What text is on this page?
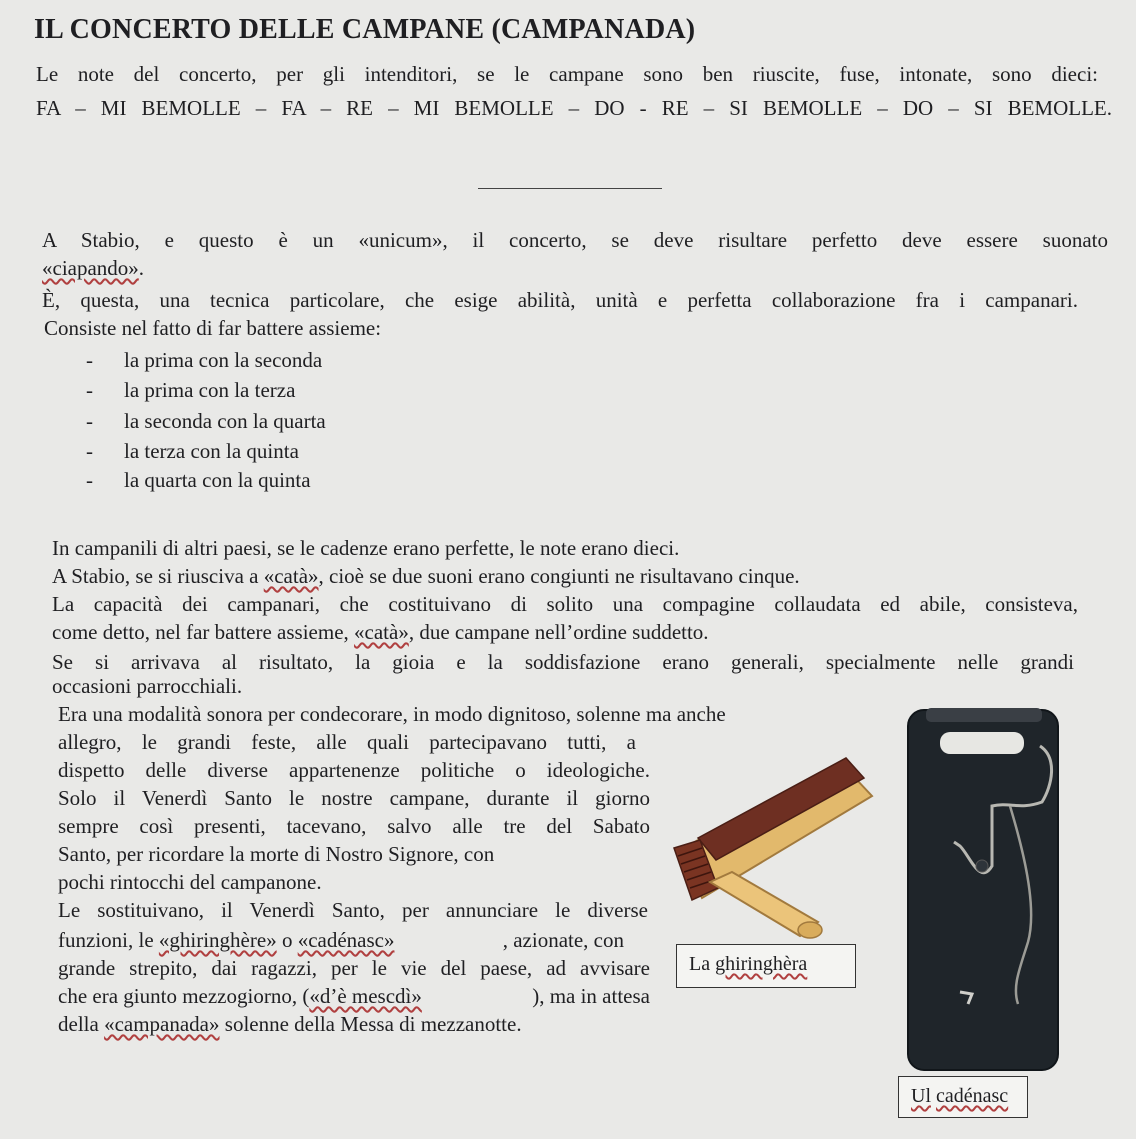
IL CONCERTO DELLE CAMPANE (CAMPANADA)
Le note del concerto, per gli intenditori, se le campane sono ben riuscite, fuse, intonate, sono dieci:
FA – MI BEMOLLE – FA – RE – MI BEMOLLE – DO - RE – SI BEMOLLE – DO – SI BEMOLLE.
A Stabio, e questo è un «unicum», il concerto, se deve risultare perfetto deve essere suonato
«ciapando».
È, questa, una tecnica particolare, che esige abilità, unità e perfetta collaborazione fra i campanari.
Consiste nel fatto di far battere assieme:
- la prima con la seconda
- la prima con la terza
- la seconda con la quarta
- la terza con la quinta
- la quarta con la quinta
In campanili di altri paesi, se le cadenze erano perfette, le note erano dieci.
A Stabio, se si riusciva a «catà», cioè se due suoni erano congiunti ne risultavano cinque.
La capacità dei campanari, che costituivano di solito una compagine collaudata ed abile, consisteva,
come detto, nel far battere assieme, «catà», due campane nell’ordine suddetto.
Se si arrivava al risultato, la gioia e la soddisfazione erano generali, specialmente nelle grandi
occasioni parrocchiali.
Era una modalità sonora per condecorare, in modo dignitoso, solenne ma anche
allegro, le grandi feste, alle quali partecipavano tutti, a
dispetto delle diverse appartenenze politiche o ideologiche.
Solo il Venerdì Santo le nostre campane, durante il giorno
sempre così presenti, tacevano, salvo alle tre del Sabato
Santo, per ricordare la morte di Nostro Signore, con
pochi rintocchi del campanone.
Le sostituivano, il Venerdì Santo, per annunciare le diverse
funzioni, le «ghiringhère» o «cadénasc»	, azionate, con
grande strepito, dai ragazzi, per le vie del paese, ad avvisare
che era giunto mezzogiorno, («d’è mescdì»	), ma in attesa
della «campanada» solenne della Messa di mezzanotte.
La ghiringhèra
Ul cadénasc
